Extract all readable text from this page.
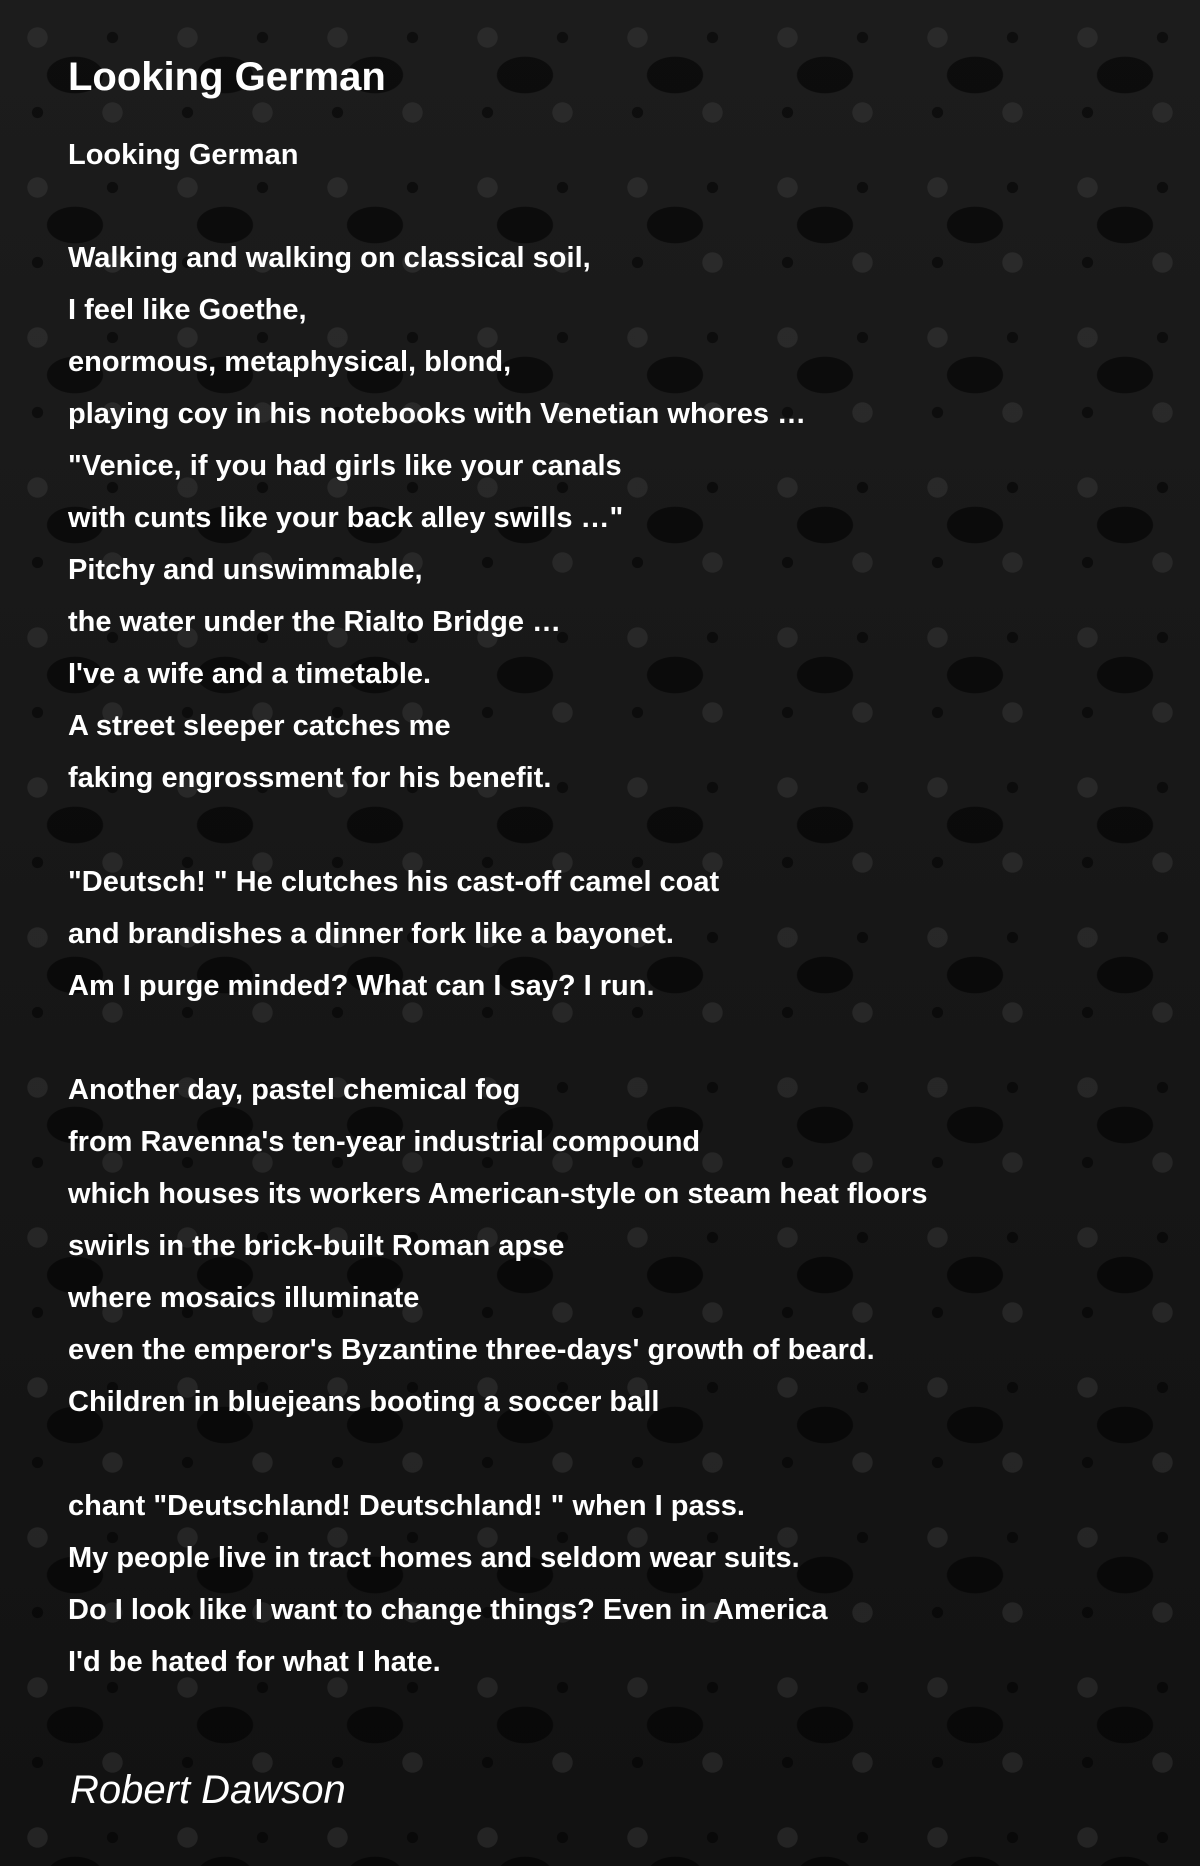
Looking German
Looking German
Walking and walking on classical soil,
I feel like Goethe,
enormous, metaphysical, blond,
playing coy in his notebooks with Venetian whores …
"Venice, if you had girls like your canals
with cunts like your back alley swills …"
Pitchy and unswimmable,
the water under the Rialto Bridge …
I've a wife and a timetable.
A street sleeper catches me
faking engrossment for his benefit.
"Deutsch! " He clutches his cast-off camel coat
and brandishes a dinner fork like a bayonet.
Am I purge minded? What can I say? I run.
Another day, pastel chemical fog
from Ravenna's ten-year industrial compound
which houses its workers American-style on steam heat floors
swirls in the brick-built Roman apse
where mosaics illuminate
even the emperor's Byzantine three-days' growth of beard.
Children in bluejeans booting a soccer ball
chant "Deutschland! Deutschland! " when I pass.
My people live in tract homes and seldom wear suits.
Do I look like I want to change things? Even in America
I'd be hated for what I hate.
Robert Dawson
